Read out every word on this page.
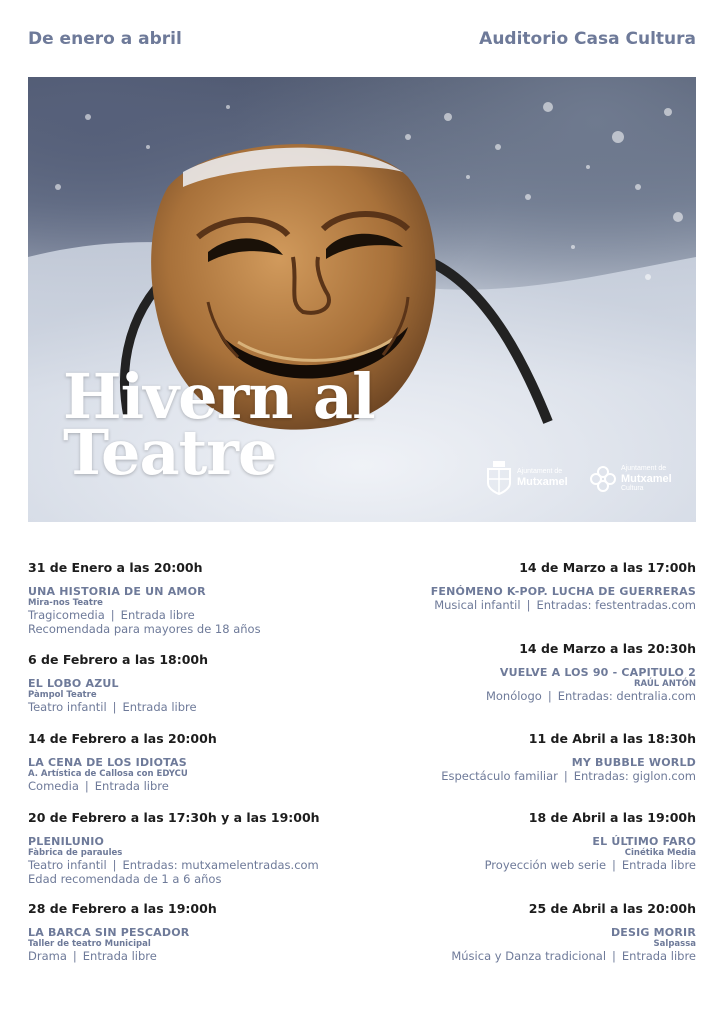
De enero a abril	Auditorio Casa Cultura
Hivern al
Teatre	Ajuntament de
Mutxamel
Ajuntament de
Mutxamel
Cultura
31 de Enero a las 20:00h
UNA HISTORIA DE UN AMOR
Mira-nos Teatre
Tragicomedia | Entrada libre
Recomendada para mayores de 18 años
6 de Febrero a las 18:00h
EL LOBO AZUL
Pàmpol Teatre
Teatro infantil | Entrada libre
14 de Febrero a las 20:00h
LA CENA DE LOS IDIOTAS
A. Artística de Callosa con EDYCU
Comedia | Entrada libre
20 de Febrero a las 17:30h y a las 19:00h
PLENILUNIO
Fàbrica de paraules
Teatro infantil | Entradas: mutxamelentradas.com
Edad recomendada de 1 a 6 años
28 de Febrero a las 19:00h
LA BARCA SIN PESCADOR
Taller de teatro Municipal
Drama | Entrada libre
14 de Marzo a las 17:00h
FENÓMENO K-POP. LUCHA DE GUERRERAS
Musical infantil | Entradas: festentradas.com
14 de Marzo a las 20:30h
VUELVE A LOS 90 - CAPITULO 2
RAÚL ANTÓN
Monólogo | Entradas: dentralia.com
11 de Abril a las 18:30h
MY BUBBLE WORLD
Espectáculo familiar | Entradas: giglon.com
18 de Abril a las 19:00h
EL ÚLTIMO FARO
Cinétika Media
Proyección web serie | Entrada libre
25 de Abril a las 20:00h
DESIG MORIR
Salpassa
Música y Danza tradicional | Entrada libre
